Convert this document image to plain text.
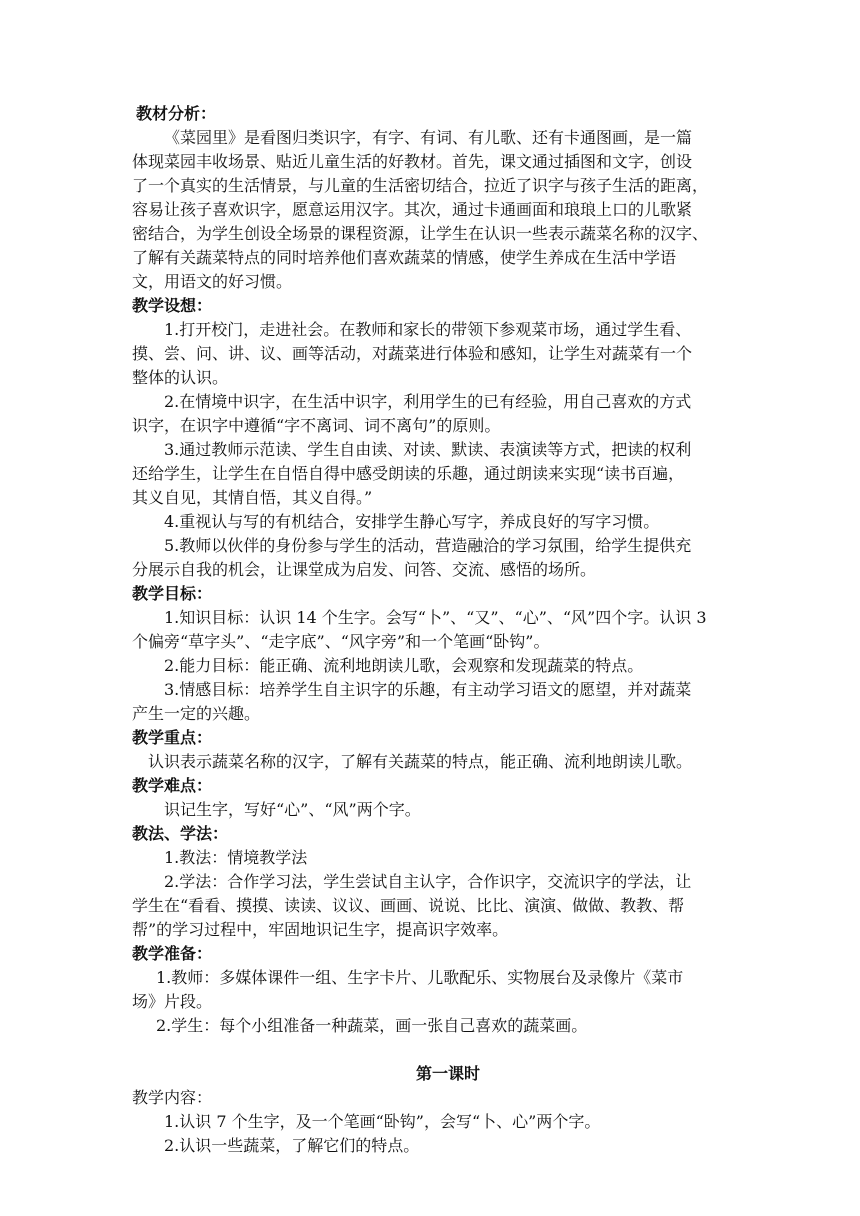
教材分析：
《菜园里》是看图归类识字，有字、有词、有儿歌、还有卡通图画，是一篇
体现菜园丰收场景、贴近儿童生活的好教材。首先，课文通过插图和文字，创设
了一个真实的生活情景，与儿童的生活密切结合，拉近了识字与孩子生活的距离，
容易让孩子喜欢识字，愿意运用汉字。其次，通过卡通画面和琅琅上口的儿歌紧
密结合，为学生创设全场景的课程资源，让学生在认识一些表示蔬菜名称的汉字、
了解有关蔬菜特点的同时培养他们喜欢蔬菜的情感，使学生养成在生活中学语
文，用语文的好习惯。
教学设想：
1.打开校门，走进社会。在教师和家长的带领下参观菜市场，通过学生看、
摸、尝、问、讲、议、画等活动，对蔬菜进行体验和感知，让学生对蔬菜有一个
整体的认识。
2.在情境中识字，在生活中识字，利用学生的已有经验，用自己喜欢的方式
识字，在识字中遵循“字不离词、词不离句”的原则。
3.通过教师示范读、学生自由读、对读、默读、表演读等方式，把读的权利
还给学生，让学生在自悟自得中感受朗读的乐趣，通过朗读来实现“读书百遍，
其义自见，其情自悟，其义自得。”
4.重视认与写的有机结合，安排学生静心写字，养成良好的写字习惯。
5.教师以伙伴的身份参与学生的活动，营造融洽的学习氛围，给学生提供充
分展示自我的机会，让课堂成为启发、问答、交流、感悟的场所。
教学目标：
1.知识目标：认识 14 个生字。会写“卜”、“又”、“心”、“风”四个字。认识 3
个偏旁“草字头”、“走字底”、“风字旁”和一个笔画“卧钩”。
2.能力目标：能正确、流利地朗读儿歌，会观察和发现蔬菜的特点。
3.情感目标：培养学生自主识字的乐趣，有主动学习语文的愿望，并对蔬菜
产生一定的兴趣。
教学重点：
认识表示蔬菜名称的汉字，了解有关蔬菜的特点，能正确、流利地朗读儿歌。
教学难点：
识记生字，写好“心”、“风”两个字。
教法、学法：
1.教法：情境教学法
2.学法：合作学习法，学生尝试自主认字，合作识字，交流识字的学法，让
学生在“看看、摸摸、读读、议议、画画、说说、比比、演演、做做、教教、帮
帮”的学习过程中，牢固地识记生字，提高识字效率。
教学准备：
1.教师：多媒体课件一组、生字卡片、儿歌配乐、实物展台及录像片《菜市
场》片段。
2.学生：每个小组准备一种蔬菜，画一张自己喜欢的蔬菜画。
第一课时
教学内容：
1.认识 7 个生字，及一个笔画“卧钩”，会写“卜、心”两个字。
2.认识一些蔬菜，了解它们的特点。
